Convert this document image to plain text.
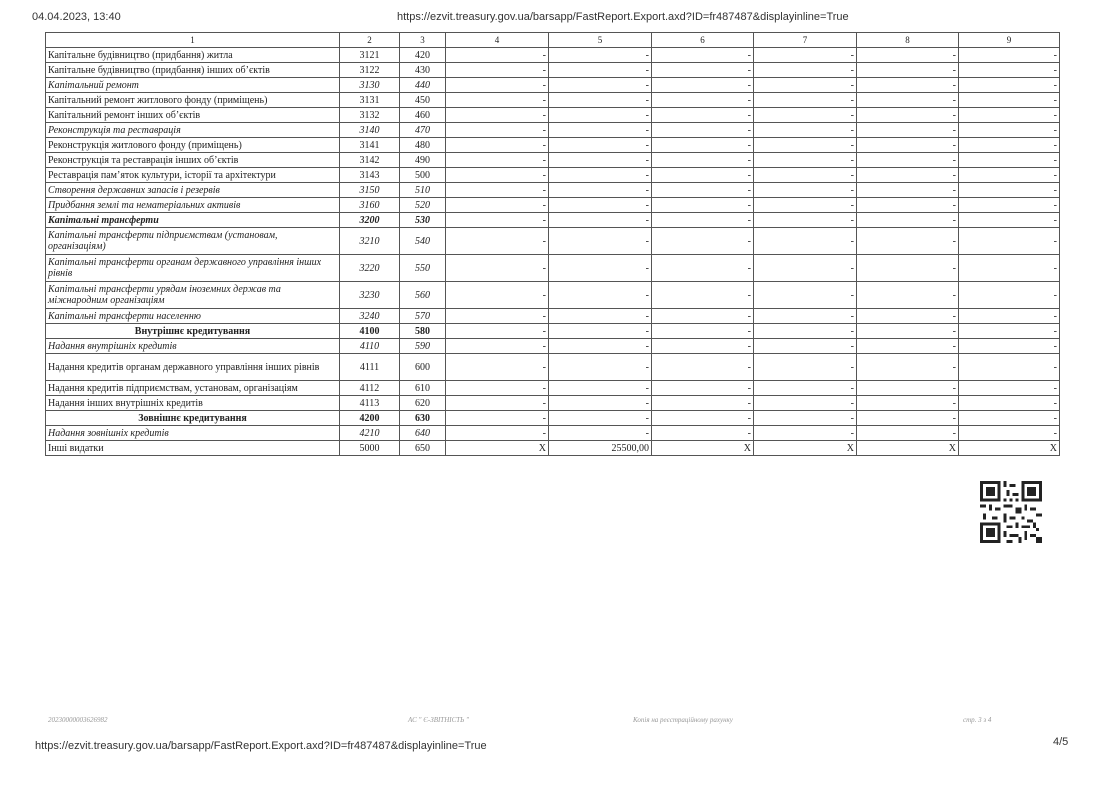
04.04.2023, 13:40	https://ezvit.treasury.gov.ua/barsapp/FastReport.Export.axd?ID=fr487487&displayinline=True
1	2	3	4	5	6	7	8	9
Капітальне будівництво (придбання) житла	3121	420	-	-	-	-	-	-
Капітальне будівництво (придбання) інших об’єктів	3122	430	-	-	-	-	-	-
Капітальний ремонт	3130	440	-	-	-	-	-	-
Капітальний ремонт житлового фонду (приміщень)	3131	450	-	-	-	-	-	-
Капітальний ремонт інших об’єктів	3132	460	-	-	-	-	-	-
Реконструкція та реставрація	3140	470	-	-	-	-	-	-
Реконструкція житлового фонду (приміщень)	3141	480	-	-	-	-	-	-
Реконструкція та реставрація інших об’єктів	3142	490	-	-	-	-	-	-
Реставрація пам’яток культури, історії та архітектури	3143	500	-	-	-	-	-	-
Створення державних запасів і резервів	3150	510	-	-	-	-	-	-
Придбання землі та нематеріальних активів	3160	520	-	-	-	-	-	-
Капітальні трансферти	3200	530	-	-	-	-	-	-
Капітальні трансферти підприємствам (установам, організаціям)	3210	540	-	-	-	-	-	-
Капітальні трансферти органам державного управління інших рівнів	3220	550	-	-	-	-	-	-
Капітальні трансферти урядам іноземних держав та міжнародним організаціям	3230	560	-	-	-	-	-	-
Капітальні трансферти населенню	3240	570	-	-	-	-	-	-
Внутрішнє кредитування	4100	580	-	-	-	-	-	-
Надання внутрішніх кредитів	4110	590	-	-	-	-	-	-
Надання кредитів органам державного управління інших рівнів	4111	600	-	-	-	-	-	-
Надання кредитів підприємствам, установам, організаціям	4112	610	-	-	-	-	-	-
Надання інших внутрішніх кредитів	4113	620	-	-	-	-	-	-
Зовнішнє кредитування	4200	630	-	-	-	-	-	-
Надання зовнішніх кредитів	4210	640	-	-	-	-	-	-
Інші видатки	5000	650	X	25500,00	X	X	X	X
20230000003626982	АС " Є-ЗВІТНІСТЬ "	Копія на реєстраційному рахунку	стр. 3 з 4
https://ezvit.treasury.gov.ua/barsapp/FastReport.Export.axd?ID=fr487487&displayinline=True	4/5
